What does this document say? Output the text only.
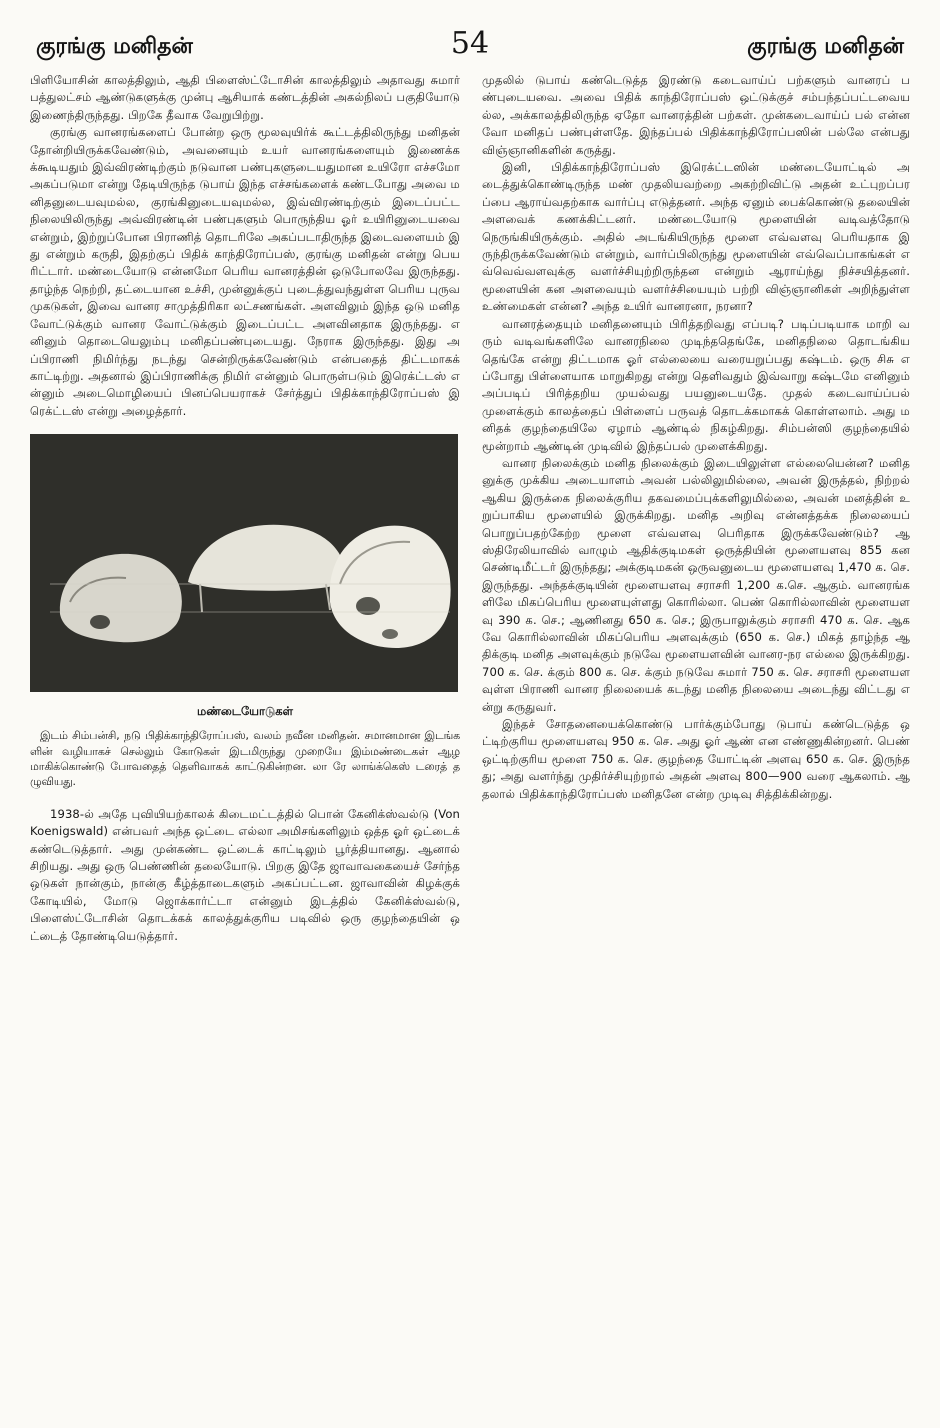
குரங்கு மனிதன்	54	குரங்கு மனிதன்

பிளியோசின் காலத்திலும், ஆதி பிளைஸ்ட்டோசின் காலத்திலும் அதாவது சுமார் பத்துலட்சம் ஆண்டுகளுக்கு முன்பு ஆசியாக் கண்டத்தின் அகல்நிலப் பகுதியோடு இணைந்திருந்தது. பிறகே தீவாக வேறுபிற்று.

குரங்கு வானரங்களைப் போன்ற ஒரு மூலவுயிர்க் கூட்டத்திலிருந்து மனிதன் தோன்றியிருக்கவேண்டும், அவனையும் உயர் வானரங்களையும் இணைக்கக்கூடியதும் இவ்விரண்டிற்கும் நடுவான பண்புகளுடையதுமான உயிரோ எச்சமோ அகப்படுமா என்று தேடியிருந்த டுபாய் இந்த எச்சங்களைக் கண்டபோது அவை மனிதனுடையவுமல்ல, குரங்கினுடையவுமல்ல, இவ்விரண்டிற்கும் இடைப்பட்ட நிலையிலிருந்து அவ்விரண்டின் பண்புகளும் பொருந்திய ஓர் உயிரினுடையவை என்றும், இற்றுப்போன பிராணித் தொடரிலே அகப்படாதிருந்த இடைவளையம் இது என்றும் கருதி, இதற்குப் பிதிக் காந்திரோப்பஸ், குரங்கு மனிதன் என்று பெயரிட்டார். மண்டையோடு என்னமோ பெரிய வானரத்தின் ஒடுபோலவே இருந்தது. தாழ்ந்த நெற்றி, தட்டையான உச்சி, முன்னுக்குப் புடைத்துவந்துள்ள பெரிய புருவ முகடுகள், இவை வானர சாமுத்திரிகா லட்சணங்கள். அளவிலும் இந்த ஒடு மனித வோட்டுக்கும் வானர வோட்டுக்கும் இடைப்பட்ட அளவினதாக இருந்தது. எனினும் தொடையெலும்பு மனிதப்பண்புடையது. நேராக இருந்தது. இது அப்பிராணி நிமிர்ந்து நடந்து சென்றிருக்கவேண்டும் என்பதைத் திட்டமாகக் காட்டிற்று. அதனால் இப்பிராணிக்கு நிமிர் என்னும் பொருள்படும் இரெக்ட்டஸ் என்னும் அடைமொழியைப் பினப்பெயராகச் சேர்த்துப் பிதிக்காந்திரோப்பஸ் இரெக்ட்டஸ் என்று அழைத்தார்.

மண்டையோடுகள்

இடம் சிம்பன்சி, நடு பிதிக்காந்திரோப்பஸ், வலம் நவீன மனிதன். சமானமான இடங்களின் வழியாகச் செல்லும் கோடுகள் இடமிருந்து முறையே இம்மண்டைகள் ஆழமாகிக்கொண்டு போவதைத் தெளிவாகக் காட்டுகின்றன. லா ரே லாங்க்கெஸ் டரைத் தழுவியது.

1938-ல் அதே புவியியற்காலக் கிடைமட்டத்தில் பொன் கேனிக்ஸ்வல்டு (Von Koenigswald) என்பவர் அந்த ஒட்டை எல்லா அமிசங்களிலும் ஒத்த ஓர் ஒட்டைக் கண்டெடுத்தார். அது முன்கண்ட ஒட்டைக் காட்டிலும் பூர்த்தியானது. ஆனால் சிறியது. அது ஒரு பெண்ணின் தலையோடு. பிறகு இதே ஜாவாவகையைச் சேர்ந்த ஒடுகள் நான்கும், நான்கு கீழ்த்தாடைகளும் அகப்பட்டன. ஜாவாவின் கிழக்குக் கோடியில், மோடு ஜொக்கார்ட்டா என்னும் இடத்தில் கேனிக்ஸ்வல்டு, பிளைஸ்ட்டோசின் தொடக்கக் காலத்துக்குரிய படிவில் ஒரு குழந்தையின் ஒட்டைத் தோண்டியெடுத்தார்.

முதலில் டுபாய் கண்டெடுத்த இரண்டு கடைவாய்ப் பற்களும் வானரப் பண்புடையவை. அவை பிதிக் காந்திரோப்பஸ் ஒட்டுக்குச் சம்பந்தப்பட்டவையல்ல, அக்காலத்திலிருந்த ஏதோ வானரத்தின் பற்கள். முன்கடைவாய்ப் பல் என்னவோ மனிதப் பண்புள்ளதே. இந்தப்பல் பிதிக்காந்திரோப்பஸின் பல்லே என்பது விஞ்ஞானிகளின் கருத்து.

இனி, பிதிக்காந்திரோப்பஸ் இரெக்ட்டஸின் மண்டையோட்டில் அடைத்துக்கொண்டிருந்த மண் முதலியவற்றை அகற்றிவிட்டு அதன் உட்புறப்பரப்பை ஆராய்வதற்காக வார்ப்பு எடுத்தனர். அந்த ஏனும் பைக்கொண்டு தலையின் அளவைக் கணக்கிட்டனர். மண்டையோடு மூளையின் வடிவத்தோடு நெருங்கியிருக்கும். அதில் அடங்கியிருந்த மூளை எவ்வளவு பெரியதாக இருந்திருக்கவேண்டும் என்றும், வார்ப்பிலிருந்து மூளையின் எவ்வெப்பாகங்கள் எவ்வெவ்வளவுக்கு வளர்ச்சியுற்றிருந்தன என்றும் ஆராய்ந்து நிச்சயித்தனர். மூளையின் கன அளவையும் வளர்ச்சியையும் பற்றி விஞ்ஞானிகள் அறிந்துள்ள உண்மைகள் என்ன? அந்த உயிர் வானரனா, நரனா?

வானரத்தையும் மனிதனையும் பிரித்தறிவது எப்படி? படிப்படியாக மாறி வரும் வடிவங்களிலே வானரநிலை முடிந்ததெங்கே, மனிதநிலை தொடங்கியதெங்கே என்று திட்டமாக ஓர் எல்லையை வரையறுப்பது கஷ்டம். ஒரு சிசு எப்போது பிள்ளையாக மாறுகிறது என்று தெளிவதும் இவ்வாறு கஷ்டமே எனினும் அப்படிப் பிரித்தறிய முயல்வது பயனுடையதே. முதல் கடைவாய்ப்பல் முளைக்கும் காலத்தைப் பிள்ளைப் பருவத் தொடக்கமாகக் கொள்ளலாம். அது மனிதக் குழந்தையிலே ஏழாம் ஆண்டில் நிகழ்கிறது. சிம்பன்ஸி குழந்தையில் மூன்றாம் ஆண்டின் முடிவில் இந்தப்பல் முளைக்கிறது.

வானர நிலைக்கும் மனித நிலைக்கும் இடையிலுள்ள எல்லையென்ன? மனிதனுக்கு முக்கிய அடையாளம் அவன் பல்லிலுமில்லை, அவன் இருத்தல், நிற்றல் ஆகிய இருக்கை நிலைக்குரிய தகவமைப்புக்களிலுமில்லை, அவன் மனத்தின் உறுப்பாகிய மூளையில் இருக்கிறது. மனித அறிவு என்னத்தக்க நிலையைப் பொறுப்பதற்கேற்ற மூளை எவ்வளவு பெரிதாக இருக்கவேண்டும்? ஆஸ்திரேலியாவில் வாழும் ஆதிக்குடிமகள் ஒருத்தியின் மூளையளவு 855 கன செண்டிமீட்டர் இருந்தது; அக்குடிமகன் ஒருவனுடைய மூளையளவு 1,470 க. செ. இருந்தது. அந்தக்குடியின் மூளையளவு சராசரி 1,200 க.செ. ஆகும். வானரங்களிலே மிகப்பெரிய மூளையுள்ளது கொரில்லா. பெண் கொரில்லாவின் மூளையளவு 390 க. செ.; ஆணினது 650 க. செ.; இருபாலுக்கும் சராசரி 470 க. செ. ஆகவே கொரில்லாவின் மிகப்பெரிய அளவுக்கும் (650 க. செ.) மிகத் தாழ்ந்த ஆதிக்குடி மனித அளவுக்கும் நடுவே மூளையளவின் வானர-நர எல்லை இருக்கிறது. 700 க. செ. க்கும் 800 க. செ. க்கும் நடுவே சுமார் 750 க. செ. சராசரி மூளையளவுள்ள பிராணி வானர நிலையைக் கடந்து மனித நிலையை அடைந்து விட்டது என்று கருதுவர்.

இந்தச் சோதனையைக்கொண்டு பார்க்கும்போது டுபாய் கண்டெடுத்த ஒட்டிற்குரிய மூளையளவு 950 க. செ. அது ஓர் ஆண் என எண்ணுகின்றனர். பெண் ஒட்டிற்குரிய மூளை 750 க. செ. குழந்தை யோட்டின் அளவு 650 க. செ. இருந்தது; அது வளர்ந்து முதிர்ச்சியுற்றால் அதன் அளவு 800—900 வரை ஆகலாம். ஆதலால் பிதிக்காந்திரோப்பஸ் மனிதனே என்ற முடிவு சித்திக்கின்றது.
